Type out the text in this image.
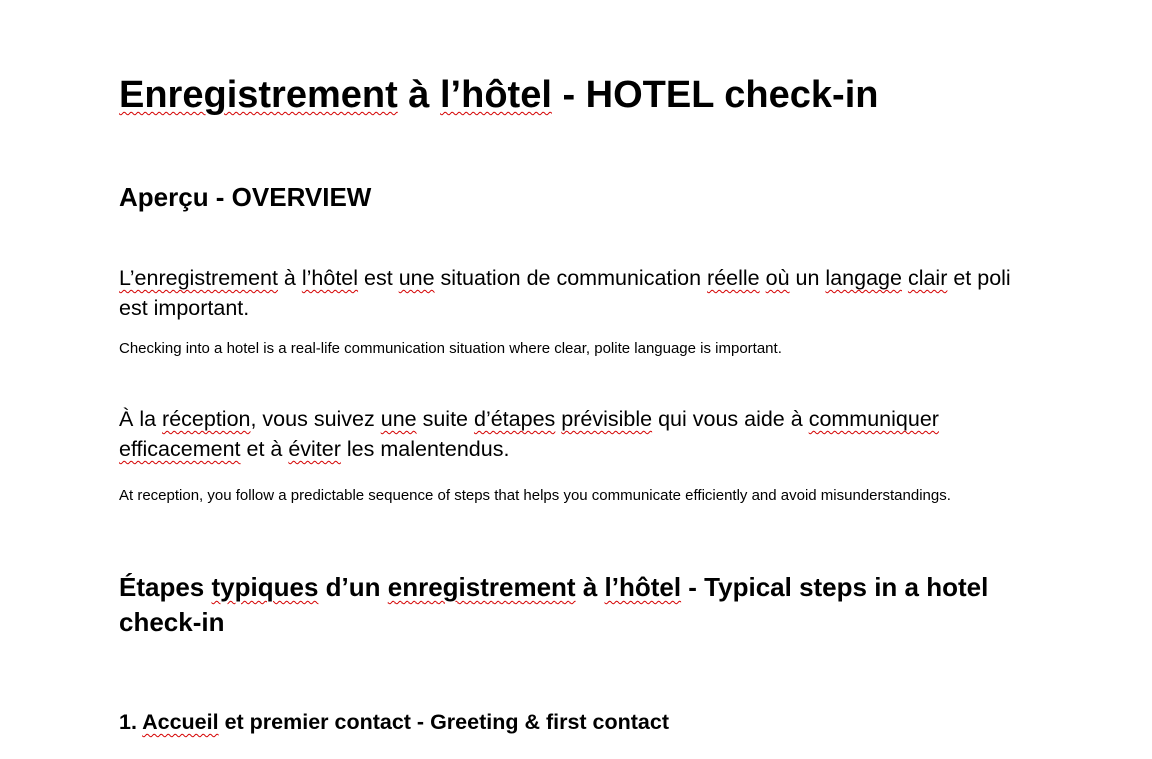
Enregistrement à l’hôtel - HOTEL check-in
Aperçu - OVERVIEW

L’enregistrement à l’hôtel est une situation de communication réelle où un langage clair et poli est important.

Checking into a hotel is a real-life communication situation where clear, polite language is important.

À la réception, vous suivez une suite d’étapes prévisible qui vous aide à communiquer efficacement et à éviter les malentendus.

At reception, you follow a predictable sequence of steps that helps you communicate efficiently and avoid misunderstandings.

Étapes typiques d’un enregistrement à l’hôtel - Typical steps in a hotel check-in
1. Accueil et premier contact - Greeting & first contact
